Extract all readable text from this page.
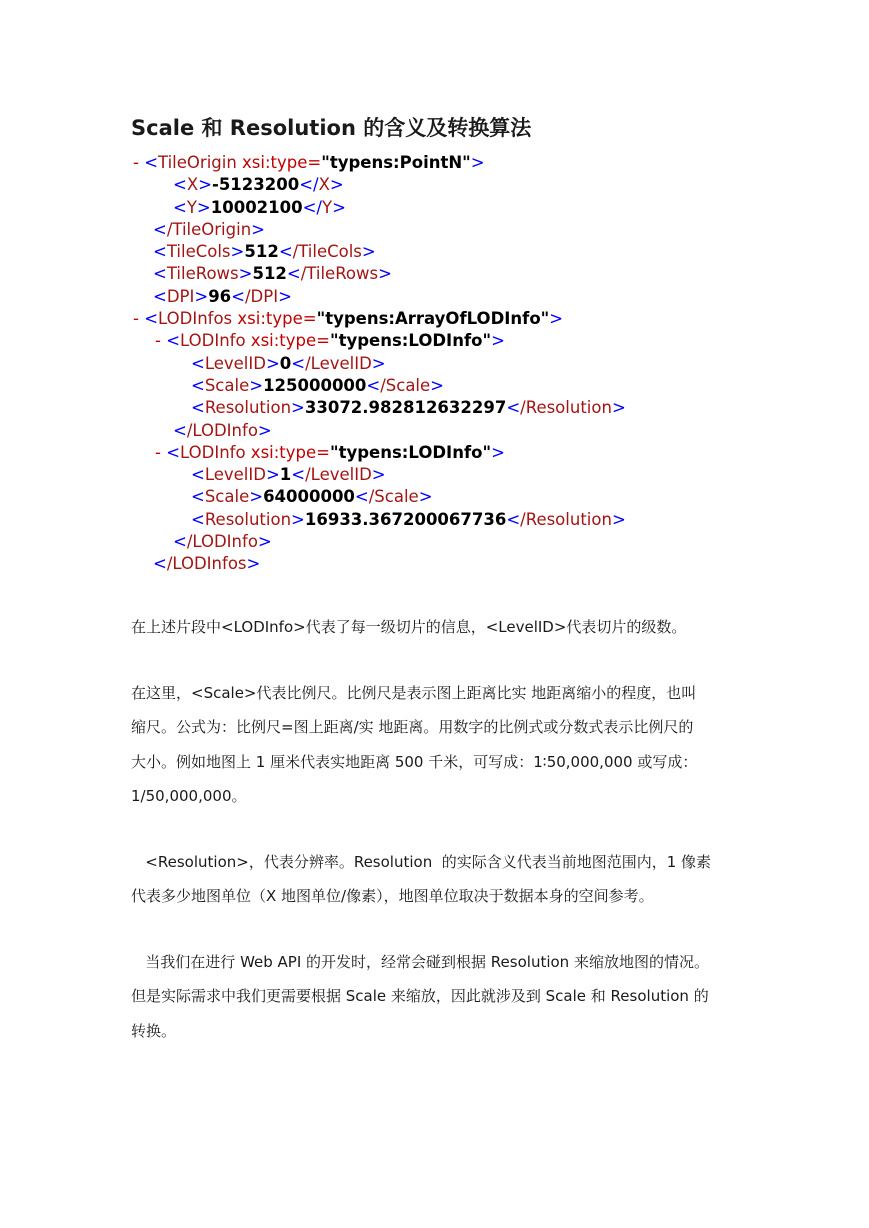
Scale 和 Resolution 的含义及转换算法
- <TileOrigin xsi:type="typens:PointN">
<X>-5123200</X>
<Y>10002100</Y>
</TileOrigin>
<TileCols>512</TileCols>
<TileRows>512</TileRows>
<DPI>96</DPI>
- <LODInfos xsi:type="typens:ArrayOfLODInfo">
- <LODInfo xsi:type="typens:LODInfo">
<LevelID>0</LevelID>
<Scale>125000000</Scale>
<Resolution>33072.982812632297</Resolution>
</LODInfo>
- <LODInfo xsi:type="typens:LODInfo">
<LevelID>1</LevelID>
<Scale>64000000</Scale>
<Resolution>16933.367200067736</Resolution>
</LODInfo>
</LODInfos>

在上述片段中<LODInfo>代表了每一级切片的信息，<LevelID>代表切片的级数。

在这里，<Scale>代表比例尺。比例尺是表示图上距离比实 地距离缩小的程度，也叫

缩尺。公式为：比例尺=图上距离/实 地距离。用数字的比例式或分数式表示比例尺的

大小。例如地图上 1 厘米代表实地距离 500 千米，可写成：1∶50,000,000 或写成：

1/50,000,000。

<Resolution>，代表分辨率。Resolution  的实际含义代表当前地图范围内，1 像素

代表多少地图单位（X 地图单位/像素），地图单位取决于数据本身的空间参考。

当我们在进行 Web API 的开发时，经常会碰到根据 Resolution 来缩放地图的情况。

但是实际需求中我们更需要根据 Scale 来缩放，因此就涉及到 Scale 和 Resolution 的

转换。
